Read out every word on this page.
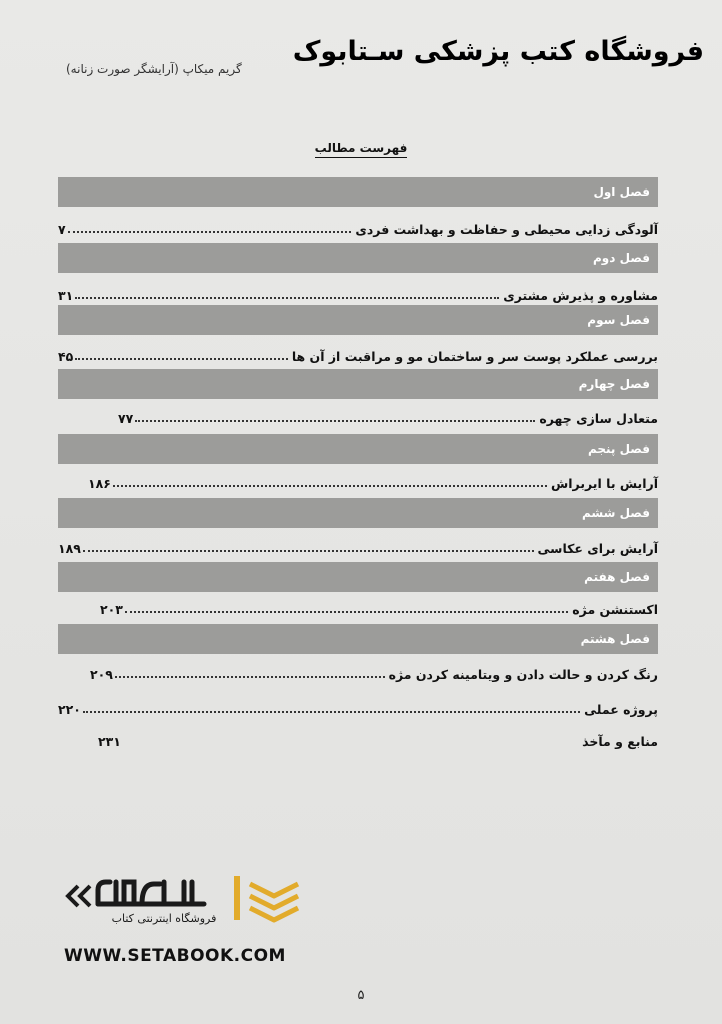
فروشگاه کتب پزشکی سـتابوک
گریم میکاپ (آرایشگر صورت زنانه)
فهرست مطالب
فصل اول
آلودگی زدایی محیطی و حفاظت و بهداشت فردی
۷
فصل دوم
مشاوره و پذیرش مشتری
۳۱
فصل سوم
بررسی عملکرد پوست سر و ساختمان مو و مراقبت از آن ها
۴۵
فصل چهارم
متعادل سازی چهره
۷۷
فصل پنجم
آرایش با ایربراش
۱۸۶
فصل ششم
آرایش برای عکاسی
۱۸۹
فصل هفتم
اکستنشن مژه
۲۰۳
فصل هشتم
رنگ کردن و حالت دادن و ویتامینه کردن مژه
۲۰۹
پروژه عملی
۲۲۰
منابع و مآخذ
۲۳۱
فروشگاه اینترنتی کتاب
ستابوک
WWW.SETABOOK.COM
۵
